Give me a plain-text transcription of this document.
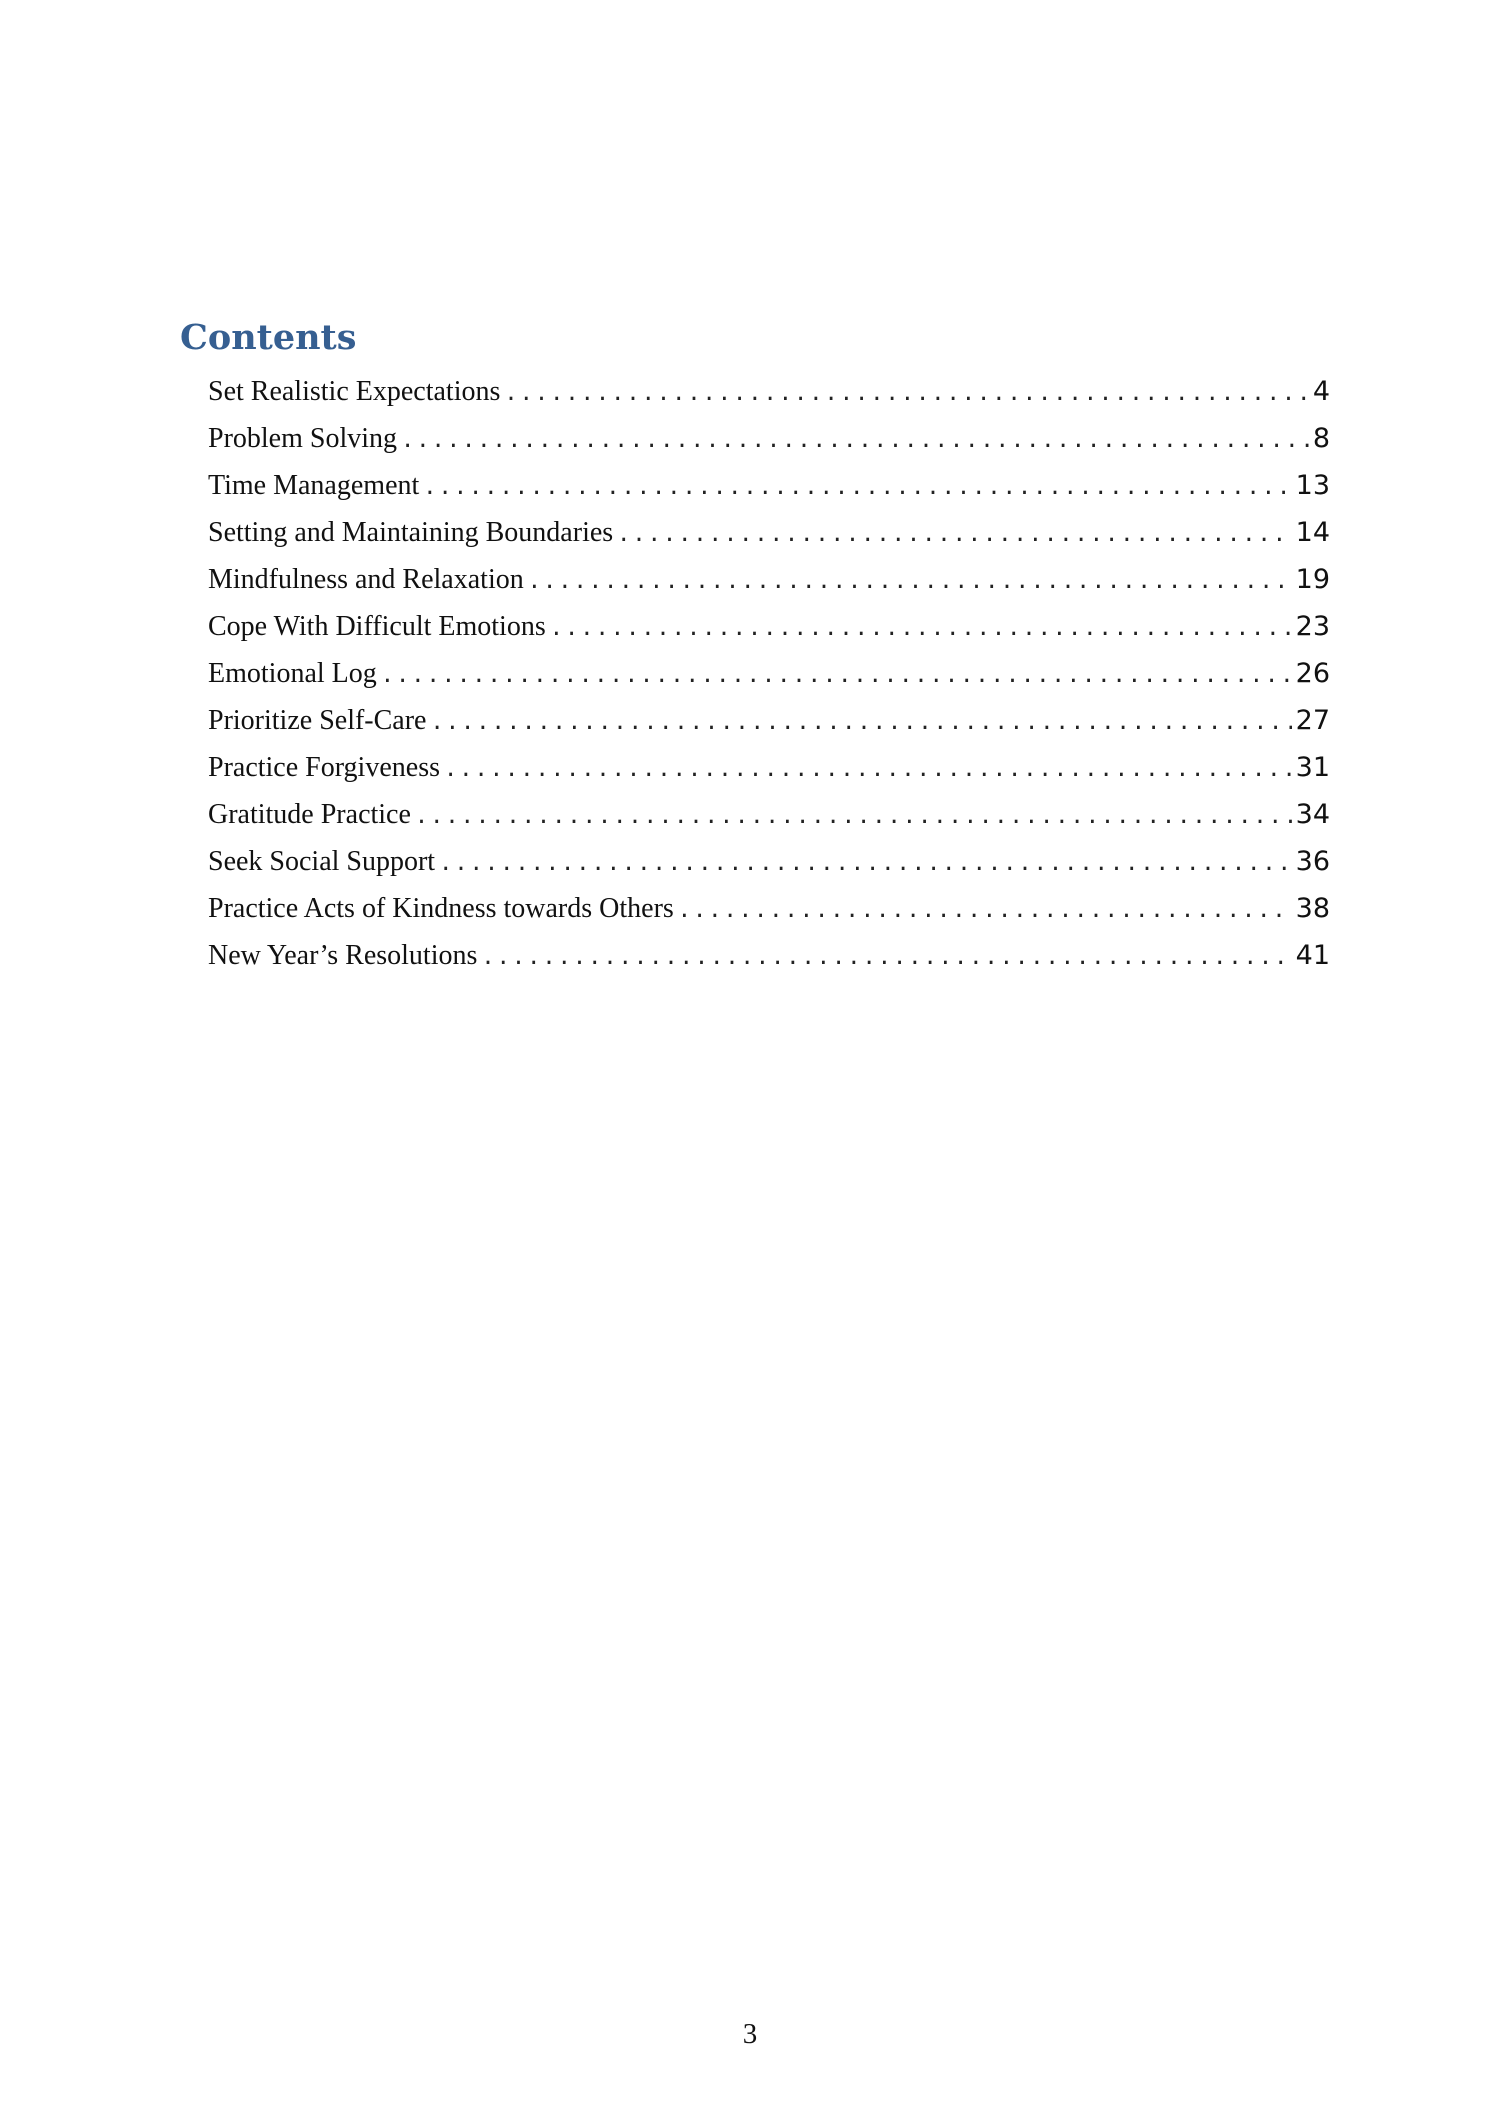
Contents
Set Realistic Expectations .....	4
Problem Solving .....	8
Time Management .....	13
Setting and Maintaining Boundaries .....	14
Mindfulness and Relaxation .....	19
Cope With Difficult Emotions .....	23
Emotional Log .....	26
Prioritize Self-Care .....	27
Practice Forgiveness .....	31
Gratitude Practice .....	34
Seek Social Support .....	36
Practice Acts of Kindness towards Others .....	38
New Year’s Resolutions .....	41
3
